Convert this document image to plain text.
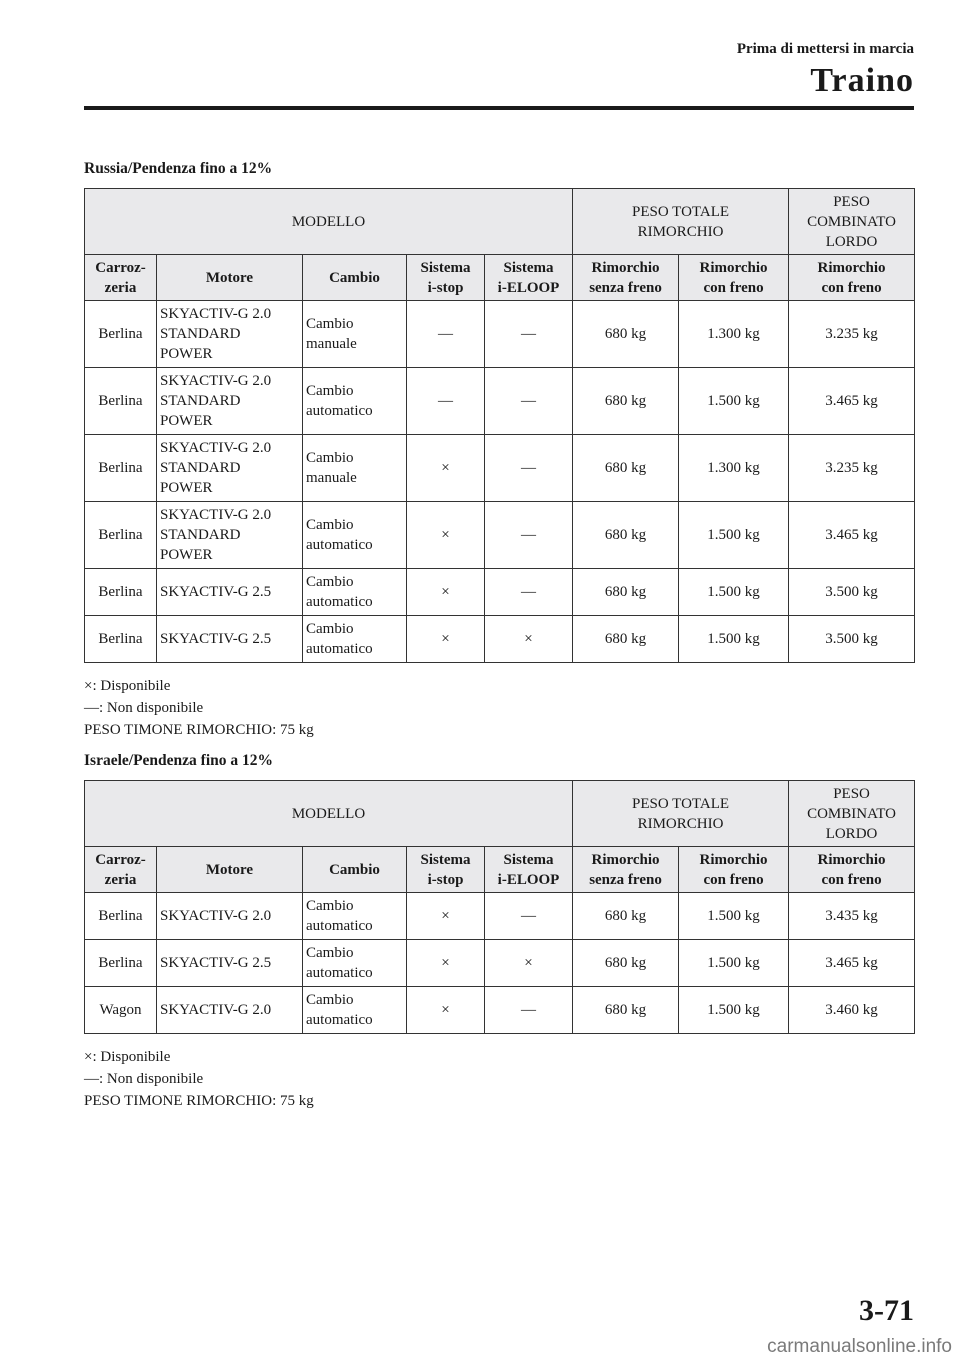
Prima di mettersi in marcia
Traino
Russia/Pendenza fino a 12%
MODELLO					PESO TOTALE
RIMORCHIO		PESO
COMBINATO
LORDO
Carroz-
zeria	Motore	Cambio	Sistema
i-stop	Sistema
i-ELOOP	Rimorchio
senza freno	Rimorchio
con freno	Rimorchio
con freno
Berlina	SKYACTIV-G 2.0
STANDARD
POWER	Cambio
manuale	—	—	680 kg	1.300 kg	3.235 kg
Berlina	SKYACTIV-G 2.0
STANDARD
POWER	Cambio
automatico	—	—	680 kg	1.500 kg	3.465 kg
Berlina	SKYACTIV-G 2.0
STANDARD
POWER	Cambio
manuale	×	—	680 kg	1.300 kg	3.235 kg
Berlina	SKYACTIV-G 2.0
STANDARD
POWER	Cambio
automatico	×	—	680 kg	1.500 kg	3.465 kg
Berlina	SKYACTIV-G 2.5	Cambio
automatico	×	—	680 kg	1.500 kg	3.500 kg
Berlina	SKYACTIV-G 2.5	Cambio
automatico	×	×	680 kg	1.500 kg	3.500 kg
×: Disponibile
—: Non disponibile
PESO TIMONE RIMORCHIO: 75 kg
Israele/Pendenza fino a 12%
MODELLO					PESO TOTALE
RIMORCHIO		PESO
COMBINATO
LORDO
Carroz-
zeria	Motore	Cambio	Sistema
i-stop	Sistema
i-ELOOP	Rimorchio
senza freno	Rimorchio
con freno	Rimorchio
con freno
Berlina	SKYACTIV-G 2.0	Cambio
automatico	×	—	680 kg	1.500 kg	3.435 kg
Berlina	SKYACTIV-G 2.5	Cambio
automatico	×	×	680 kg	1.500 kg	3.465 kg
Wagon	SKYACTIV-G 2.0	Cambio
automatico	×	—	680 kg	1.500 kg	3.460 kg
×: Disponibile
—: Non disponibile
PESO TIMONE RIMORCHIO: 75 kg
3-71
carmanualsonline.info
